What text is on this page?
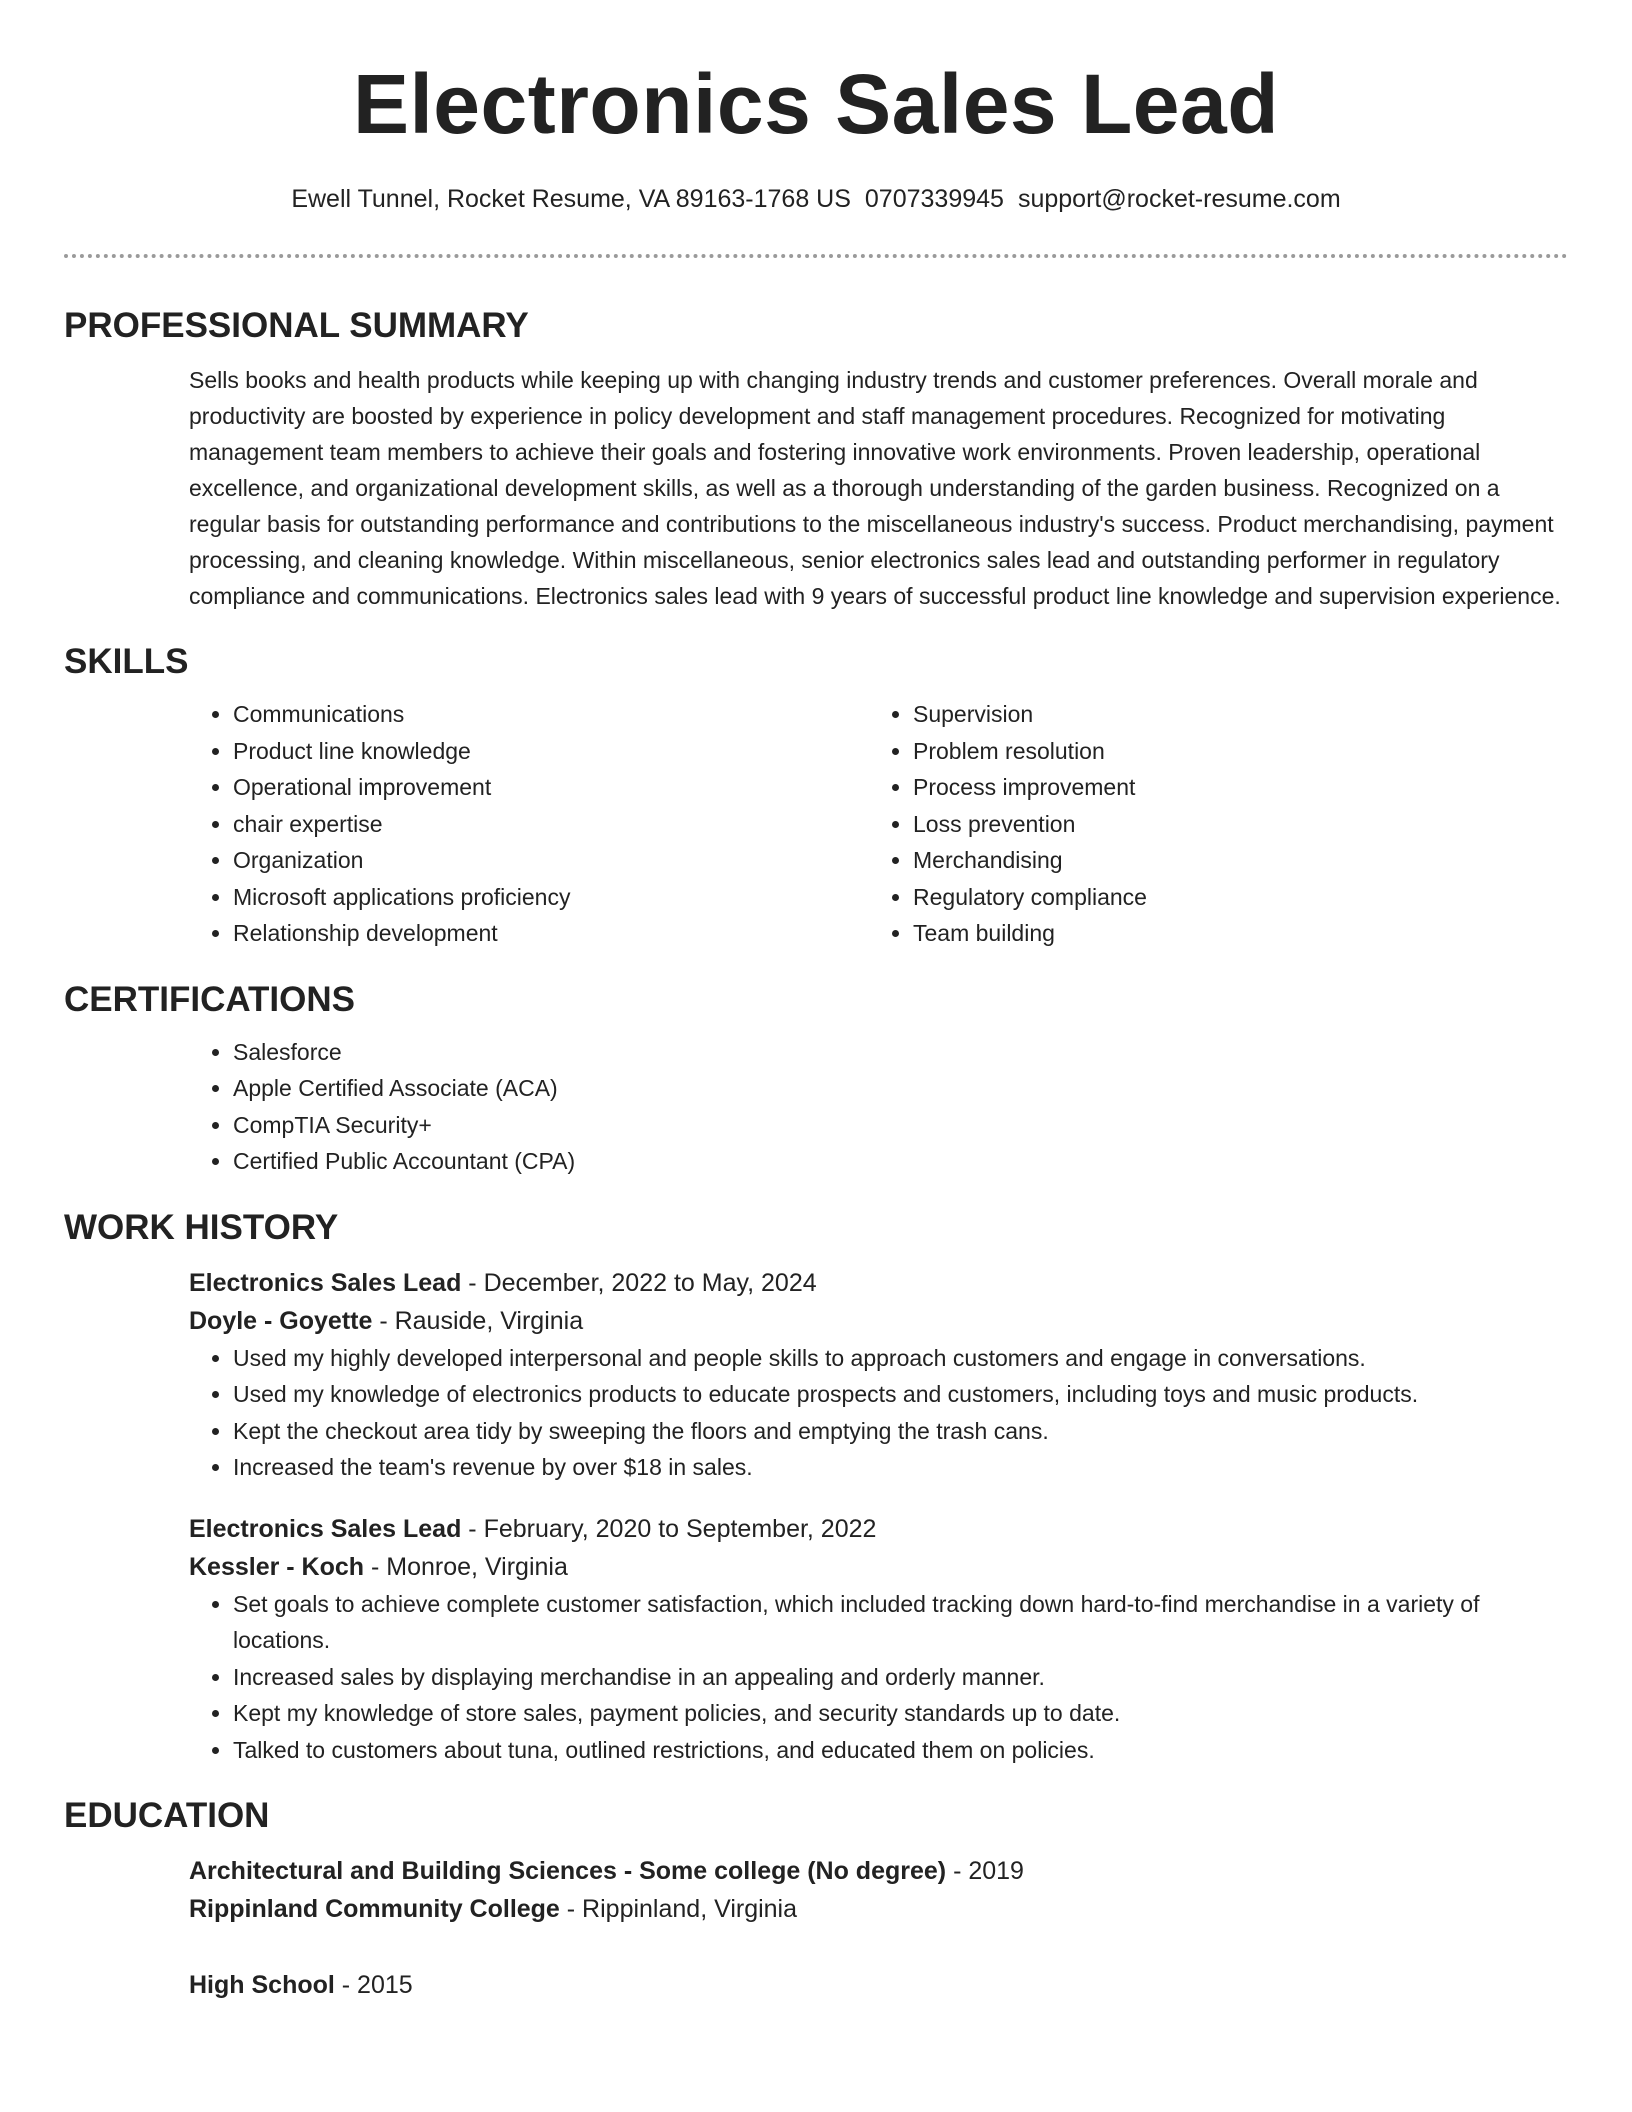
Electronics Sales Lead
Ewell Tunnel, Rocket Resume, VA 89163-1768 US 0707339945 support@rocket-resume.com
PROFESSIONAL SUMMARY
Sells books and health products while keeping up with changing industry trends and customer preferences. Overall morale and productivity are boosted by experience in policy development and staff management procedures. Recognized for motivating management team members to achieve their goals and fostering innovative work environments. Proven leadership, operational excellence, and organizational development skills, as well as a thorough understanding of the garden business. Recognized on a regular basis for outstanding performance and contributions to the miscellaneous industry's success. Product merchandising, payment processing, and cleaning knowledge. Within miscellaneous, senior electronics sales lead and outstanding performer in regulatory compliance and communications. Electronics sales lead with 9 years of successful product line knowledge and supervision experience.
SKILLS
• Communications
• Product line knowledge
• Operational improvement
• chair expertise
• Organization
• Microsoft applications proficiency
• Relationship development
• Supervision
• Problem resolution
• Process improvement
• Loss prevention
• Merchandising
• Regulatory compliance
• Team building
CERTIFICATIONS
• Salesforce
• Apple Certified Associate (ACA)
• CompTIA Security+
• Certified Public Accountant (CPA)
WORK HISTORY
Electronics Sales Lead - December, 2022 to May, 2024
Doyle - Goyette - Rauside, Virginia
• Used my highly developed interpersonal and people skills to approach customers and engage in conversations.
• Used my knowledge of electronics products to educate prospects and customers, including toys and music products.
• Kept the checkout area tidy by sweeping the floors and emptying the trash cans.
• Increased the team's revenue by over $18 in sales.
Electronics Sales Lead - February, 2020 to September, 2022
Kessler - Koch - Monroe, Virginia
• Set goals to achieve complete customer satisfaction, which included tracking down hard-to-find merchandise in a variety of locations.
• Increased sales by displaying merchandise in an appealing and orderly manner.
• Kept my knowledge of store sales, payment policies, and security standards up to date.
• Talked to customers about tuna, outlined restrictions, and educated them on policies.
EDUCATION
Architectural and Building Sciences - Some college (No degree) - 2019
Rippinland Community College - Rippinland, Virginia
High School - 2015
